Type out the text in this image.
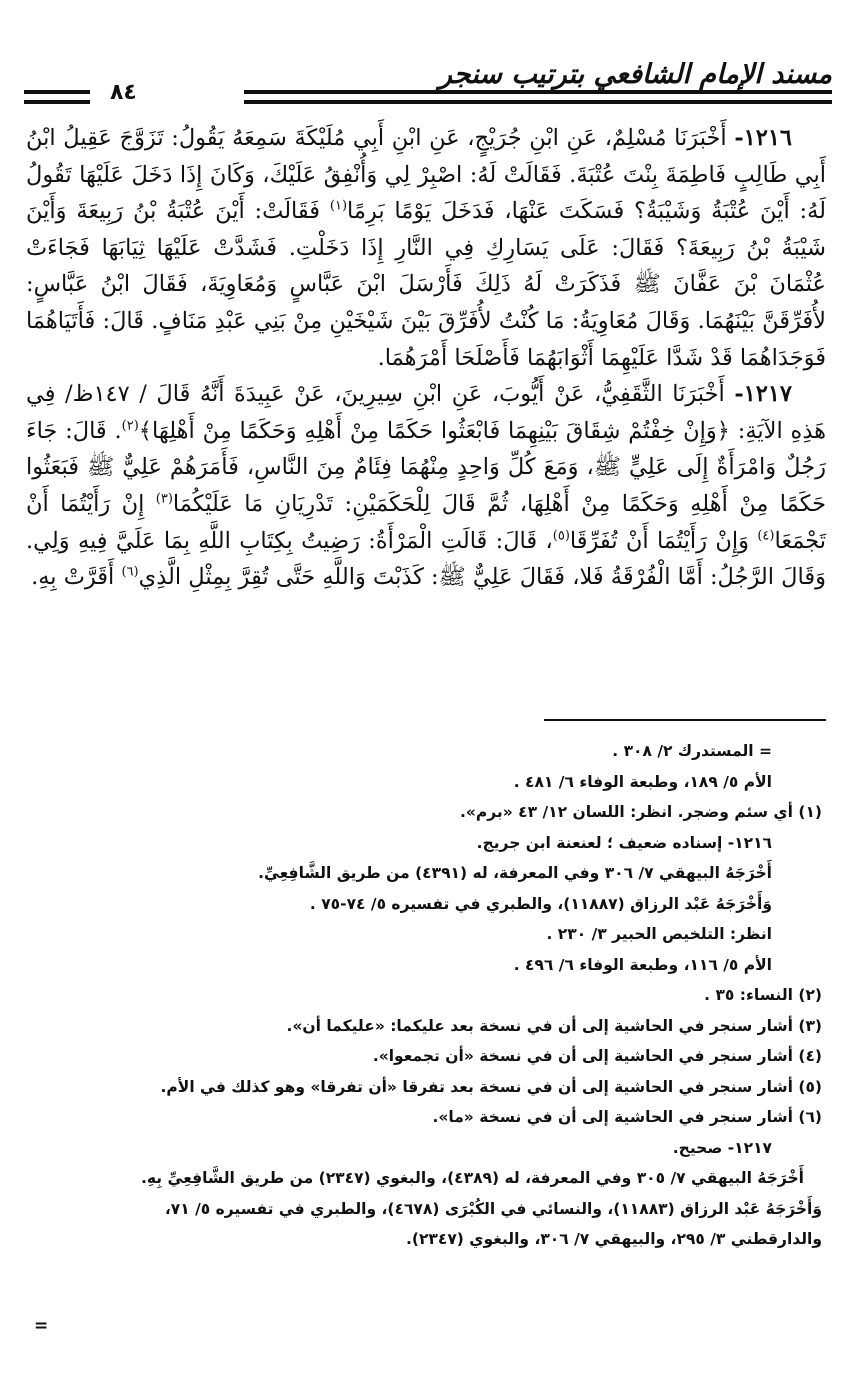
مسند الإمام الشافعي بترتيب سنجر
٨٤

١٢١٦- أَخْبَرَنَا مُسْلِمٌ، عَنِ ابْنِ جُرَيْجٍ، عَنِ ابْنِ أَبِي مُلَيْكَةَ سَمِعَهُ يَقُولُ: تَزَوَّجَ عَقِيلُ ابْنُ أَبِي طَالِبٍ فَاطِمَةَ بِنْتَ عُتْبَةَ. فَقَالَتْ لَهُ: اصْبِرْ لِي وَأُنْفِقُ عَلَيْكَ، وَكَانَ إِذَا دَخَلَ عَلَيْهَا تَقُولُ لَهُ: أَيْنَ عُتْبَةُ وَشَيْبَةُ؟ فَسَكَتَ عَنْهَا، فَدَخَلَ يَوْمًا بَرِمًا$^{(١)}$ فَقَالَتْ: أَيْنَ عُتْبَةُ بْنُ رَبِيعَةَ وَأَيْنَ شَيْبَةُ بْنُ رَبِيعَةَ؟ فَقَالَ: عَلَى يَسَارِكِ فِي النَّارِ إِذَا دَخَلْتِ. فَشَدَّتْ عَلَيْهَا ثِيَابَهَا فَجَاءَتْ عُثْمَانَ بْنَ عَفَّانَ ﷺ فَذَكَرَتْ لَهُ ذَلِكَ فَأَرْسَلَ ابْنَ عَبَّاسٍ وَمُعَاوِيَةَ، فَقَالَ ابْنُ عَبَّاسٍ: لأُفَرِّقَنَّ بَيْنَهُمَا. وَقَالَ مُعَاوِيَةُ: مَا كُنْتُ لأُفَرِّقَ بَيْنَ شَيْخَيْنِ مِنْ بَنِي عَبْدِ مَنَافٍ. قَالَ: فَأَتَيَاهُمَا فَوَجَدَاهُمَا قَدْ شَدَّا عَلَيْهِمَا أَثْوَابَهُمَا فَأَصْلَحَا أَمْرَهُمَا.

١٢١٧- أَخْبَرَنَا الثَّقَفِيُّ، عَنْ أَيُّوبَ، عَنِ ابْنِ سِيرِينَ، عَنْ عَبِيدَةَ أَنَّهُ قَالَ / ١٤٧ظ/ فِي هَذِهِ الآيَةِ: ﴿وَإِنْ خِفْتُمْ شِقَاقَ بَيْنِهِمَا فَابْعَثُوا حَكَمًا مِنْ أَهْلِهِ وَحَكَمًا مِنْ أَهْلِهَا﴾$^{(٢)}$. قَالَ: جَاءَ رَجُلٌ وَامْرَأَةٌ إِلَى عَلِيٍّ ﷺ، وَمَعَ كُلِّ وَاحِدٍ مِنْهُمَا فِئَامٌ مِنَ النَّاسِ، فَأَمَرَهُمْ عَلِيٌّ ﷺ فَبَعَثُوا حَكَمًا مِنْ أَهْلِهِ وَحَكَمًا مِنْ أَهْلِهَا، ثُمَّ قَالَ لِلْحَكَمَيْنِ: تَدْرِيَانِ مَا عَلَيْكُمَا$^{(٣)}$ إِنْ رَأَيْتُمَا أَنْ تَجْمَعَا$^{(٤)}$ وَإِنْ رَأَيْتُمَا أَنْ تُفَرِّقَا$^{(٥)}$، قَالَ: قَالَتِ الْمَرْأَةُ: رَضِيتُ بِكِتَابِ اللَّهِ بِمَا عَلَيَّ فِيهِ وَلِي. وَقَالَ الرَّجُلُ: أَمَّا الْفُرْقَةُ فَلا، فَقَالَ عَلِيٌّ ﷺ: كَذَبْتَ وَاللَّهِ حَتَّى تُقِرَّ بِمِثْلِ الَّذِي$^{(٦)}$ أَقَرَّتْ بِهِ.

= المستدرك ٢/ ٣٠٨ .
الأم ٥/ ١٨٩، وطبعة الوفاء ٦/ ٤٨١ .
(١) أي سئم وضجر. انظر: اللسان ١٢/ ٤٣ «برم».
١٢١٦- إسناده ضعيف ؛ لعنعنة ابن جريج.
أَخْرَجَهُ البيهقي ٧/ ٣٠٦ وفي المعرفة، له (٤٣٩١) من طريق الشَّافِعِيِّ.
وَأَخْرَجَهُ عَبْد الرزاق (١١٨٨٧)، والطبري في تفسيره ٥/ ٧٤-٧٥ .
انظر: التلخيص الحبير ٣/ ٢٣٠ .
الأم ٥/ ١١٦، وطبعة الوفاء ٦/ ٤٩٦ .
(٢) النساء: ٣٥ .
(٣) أشار سنجر في الحاشية إلى أن في نسخة بعد عليكما: «عليكما أن».
(٤) أشار سنجر في الحاشية إلى أن في نسخة «أن تجمعوا».
(٥) أشار سنجر في الحاشية إلى أن في نسخة بعد تفرقا «أن تفرقا» وهو كذلك في الأم.
(٦) أشار سنجر في الحاشية إلى أن في نسخة «ما».
١٢١٧- صحيح.
أَخْرَجَهُ البيهقي ٧/ ٣٠٥ وفي المعرفة، له (٤٣٨٩)، والبغوي (٢٣٤٧) من طريق الشَّافِعِيِّ بِهِ.
وَأَخْرَجَهُ عَبْد الرزاق (١١٨٨٣)، والنسائي في الكُبْرَى (٤٦٧٨)، والطبري في تفسيره ٥/ ٧١،
والدارقطني ٣/ ٢٩٥، والبيهقي ٧/ ٣٠٦، والبغوي (٢٣٤٧).
=
